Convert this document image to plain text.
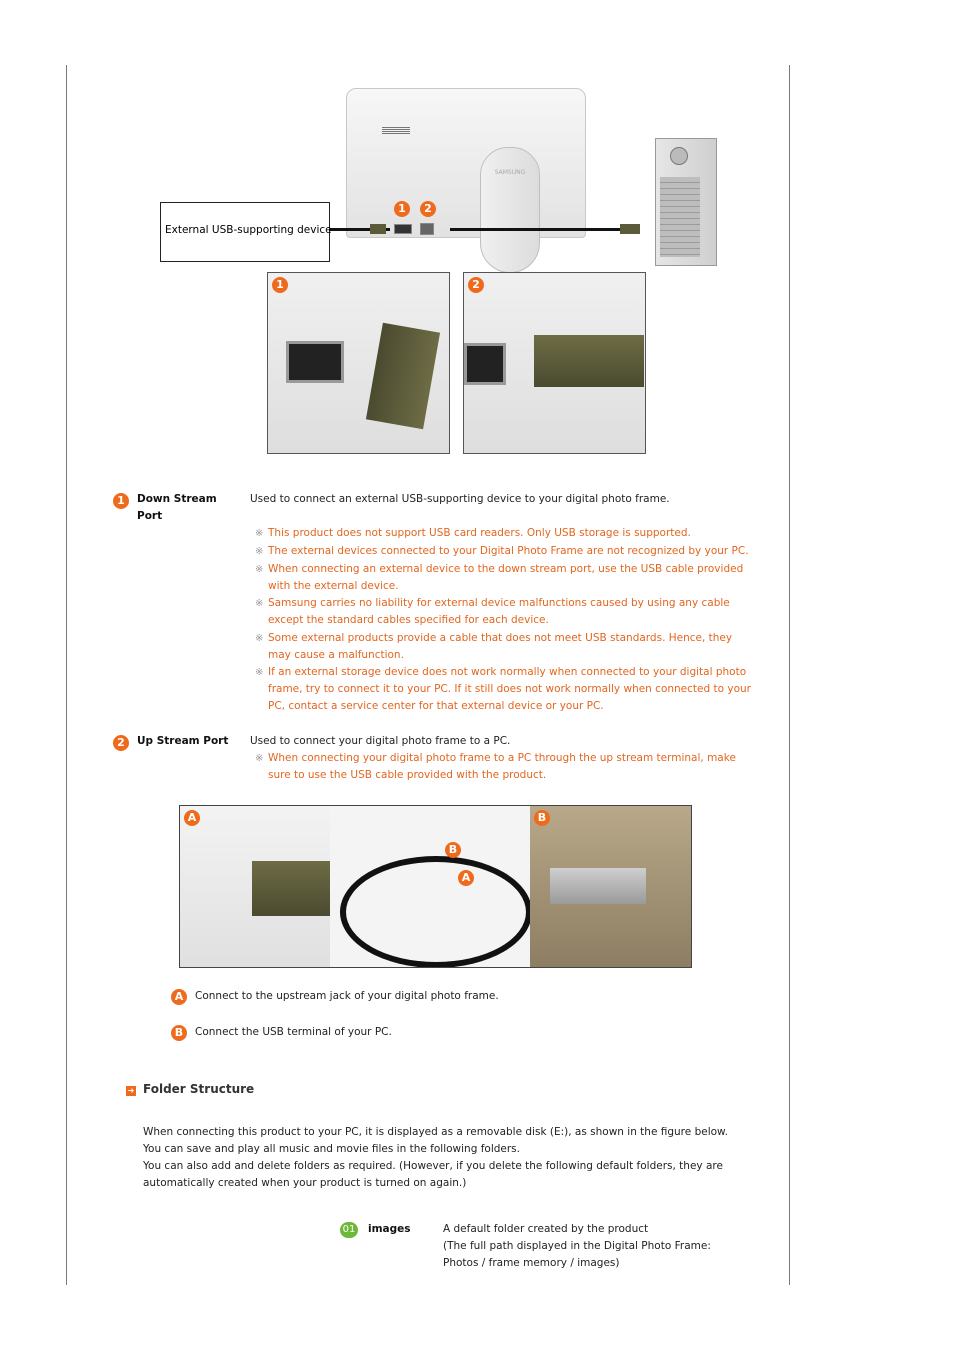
SAMSUNG
1	2
External USB-supporting device
1	2
1	Down Stream Port
Used to connect an external USB-supporting device to your digital photo frame.
※ This product does not support USB card readers. Only USB storage is supported.
※ The external devices connected to your Digital Photo Frame are not recognized by your PC.
※ When connecting an external device to the down stream port, use the USB cable provided with the external device.
※ Samsung carries no liability for external device malfunctions caused by using any cable except the standard cables specified for each device.
※ Some external products provide a cable that does not meet USB standards. Hence, they may cause a malfunction.
※ If an external storage device does not work normally when connected to your digital photo frame, try to connect it to your PC. If it still does not work normally when connected to your PC, contact a service center for that external device or your PC.
2	Up Stream Port	Used to connect your digital photo frame to a PC.
※ When connecting your digital photo frame to a PC through the up stream terminal, make sure to use the USB cable provided with the product.
A
B
A
B
A	Connect to the upstream jack of your digital photo frame.
B	Connect the USB terminal of your PC.
➜ Folder Structure
When connecting this product to your PC, it is displayed as a removable disk (E:), as shown in the figure below.
You can save and play all music and movie files in the following folders.
You can also add and delete folders as required. (However, if you delete the following default folders, they are automatically created when your product is turned on again.)
01 images	A default folder created by the product
(The full path displayed in the Digital Photo Frame: Photos / frame memory / images)
